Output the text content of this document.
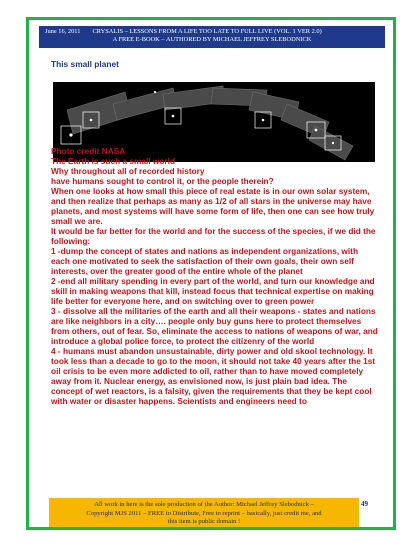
June 16, 2011 CRYSALIS – LESSONS FROM A LIFE TOO LATE TO FULL LIVE (VOL. 1 VER 2.0)
A FREE E-BOOK – AUTHORED BY MICHAEL JEFFREY SLEBODNICK
This small planet

Photo credit NASA

The Earth is such a small world

Why throughout all of recorded history

have humans sought to control it, or the people therein?

When one looks at how small this piece of real estate is in our own solar system, and then realize that perhaps as many as 1/2 of all stars in the universe may have planets, and most systems will have some form of life, then one can see how truly small we are.

It would be far better for the world and for the success of the species, if we did the following:

1 -dump the concept of states and nations as independent organizations, with each one motivated to seek the satisfaction of their own goals, their own self interests, over the greater good of the entire whole of the planet

2 -end all military spending in every part of the world, and turn our knowledge and skill in making weapons that kill, instead focus that technical expertise on making life better for everyone here, and on switching over to green power

3 - dissolve all the militaries of the earth and all their weapons - states and nations are like neighbors in a city…. people only buy guns here to protect themselves from others, out of fear. So, eliminate the access to nations of weapons of war, and introduce a global police force, to protect the citizenry of the world

4 - humans must abandon unsustainable, dirty power and old skool technology. It took less than a decade to go to the moon, it should not take 40 years after the 1st oil crisis to be even more addicted to oil, rather than to have moved completely away from it. Nuclear energy, as envisioned now, is just plain bad idea. The concept of wet reactors, is a falsity, given the requirements that they be kept cool with water or disaster happens. Scientists and engineers need to

All work in here is the sole production of the Author: Michael Jeffrey Slebodnick –
Copyright MJS 2011 – FREE to Distribute, Free to reprint – basically, just credit me, and
this item is public domain !
49
